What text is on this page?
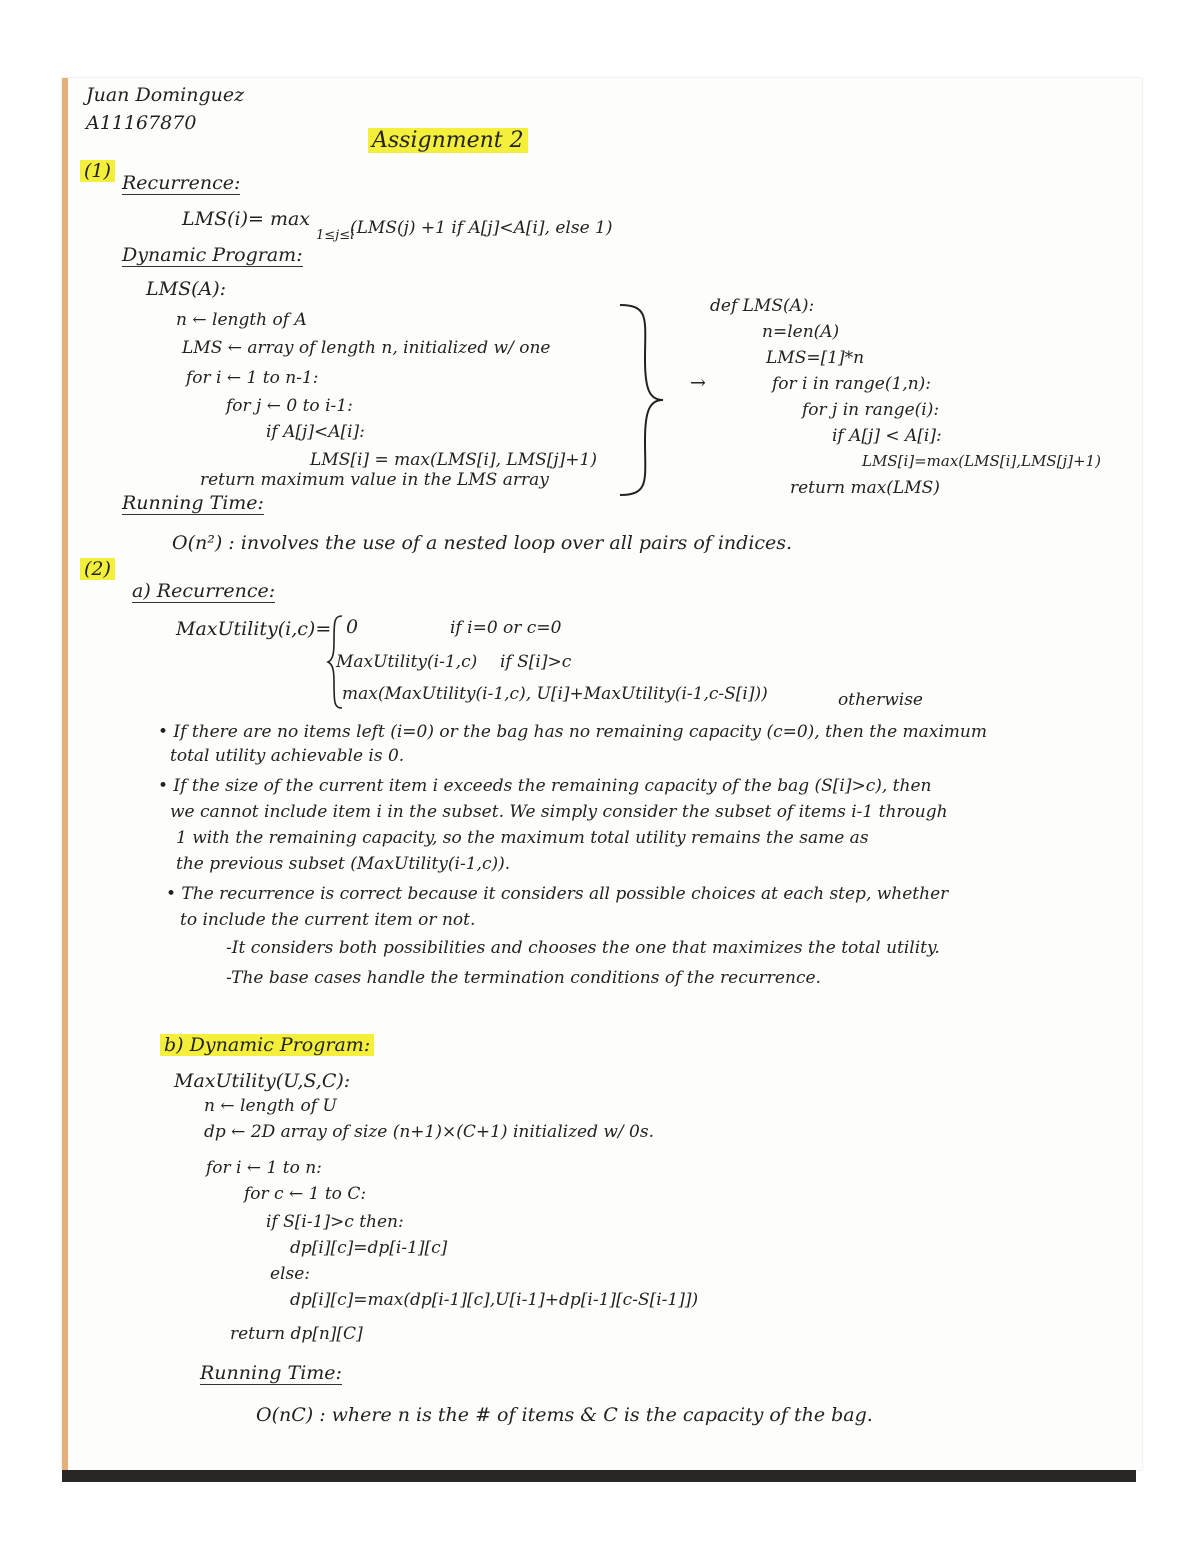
Juan Dominguez
A11167870
Assignment 2
(1)
Recurrence:
LMS(i)= max
1≤j≤i
(LMS(j) +1 if A[j]<A[i], else 1)
Dynamic Program:
LMS(A):
n ← length of A
LMS ← array of length n, initialized w/ one
for i ← 1 to n-1:
for j ← 0 to i-1:
if A[j]<A[i]:
LMS[i] = max(LMS[i], LMS[j]+1)
return maximum value in the LMS array
→
def LMS(A):
n=len(A)
LMS=[1]*n
for i in range(1,n):
for j in range(i):
if A[j] < A[i]:
LMS[i]=max(LMS[i],LMS[j]+1)
return max(LMS)
Running Time:
O(n²) : involves the use of a nested loop over all pairs of indices.
(2)
a) Recurrence:
MaxUtility(i,c)= 0	if i=0 or c=0
MaxUtility(i-1,c) if S[i]>c
max(MaxUtility(i-1,c), U[i]+MaxUtility(i-1,c-S[i]))	otherwise
• If there are no items left (i=0) or the bag has no remaining capacity (c=0), then the maximum
total utility achievable is 0.
• If the size of the current item i exceeds the remaining capacity of the bag (S[i]>c), then
we cannot include item i in the subset. We simply consider the subset of items i-1 through
1 with the remaining capacity, so the maximum total utility remains the same as
the previous subset (MaxUtility(i-1,c)).
• The recurrence is correct because it considers all possible choices at each step, whether
to include the current item or not.
-It considers both possibilities and chooses the one that maximizes the total utility.
-The base cases handle the termination conditions of the recurrence.
b) Dynamic Program:
MaxUtility(U,S,C):
n ← length of U
dp ← 2D array of size (n+1)×(C+1) initialized w/ 0s.
for i ← 1 to n:
for c ← 1 to C:
if S[i-1]>c then:
dp[i][c]=dp[i-1][c]
else:
dp[i][c]=max(dp[i-1][c],U[i-1]+dp[i-1][c-S[i-1]])
return dp[n][C]
Running Time:
O(nC) : where n is the # of items & C is the capacity of the bag.
